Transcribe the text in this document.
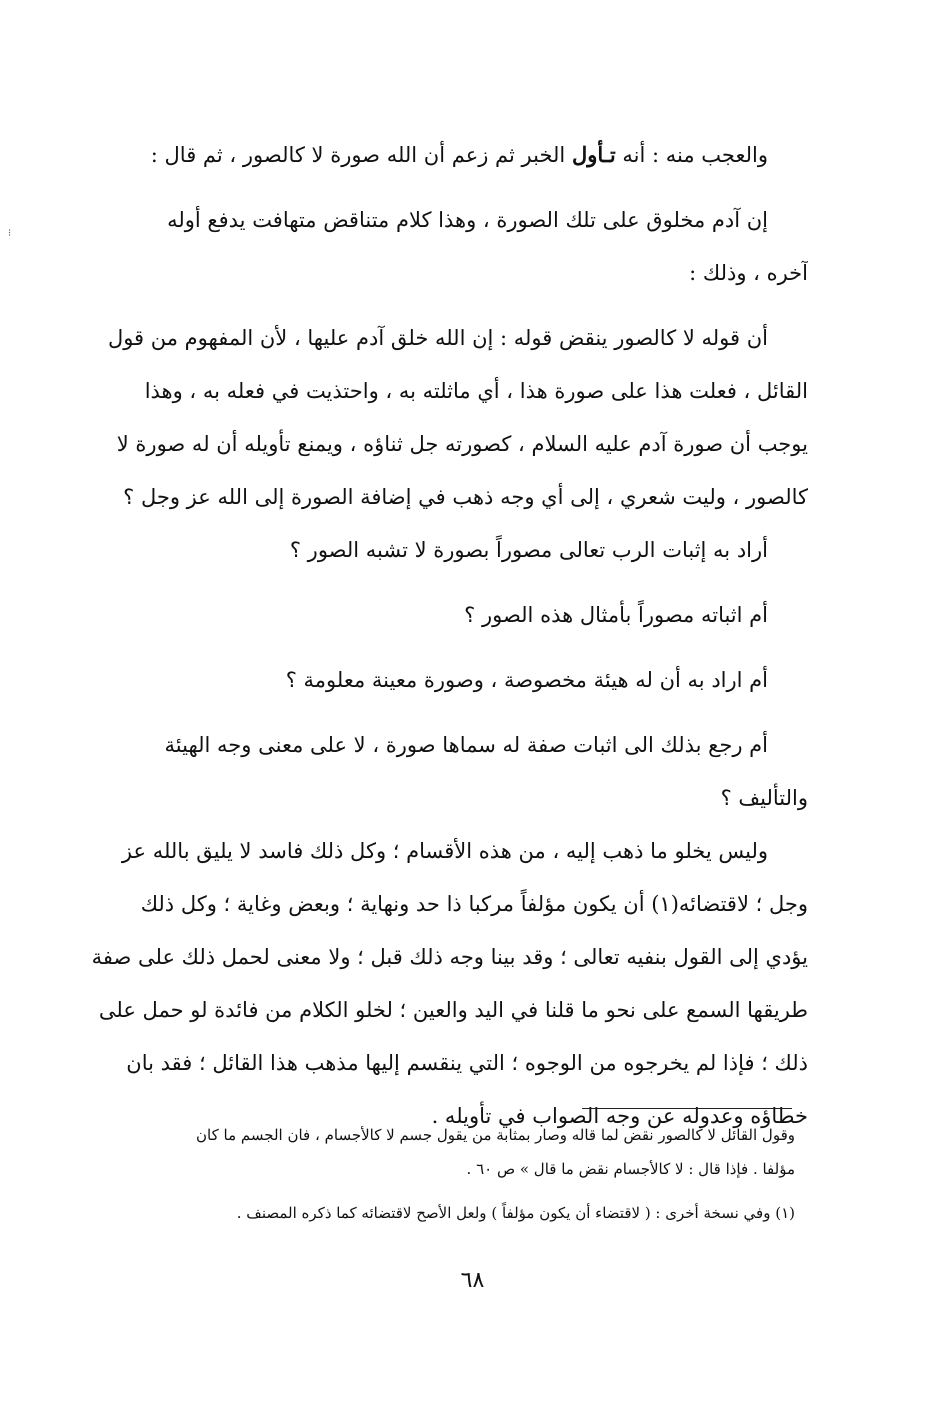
⁝
والعجب منه : أنه تـأول الخبر ثم زعم أن الله صورة لا كالصور ، ثم قال :
إن آدم مخلوق على تلك الصورة ، وهذا كلام متناقض متهافت يدفع أوله
آخره ، وذلك :
أن قوله لا كالصور ينقض قوله : إن الله خلق آدم عليها ، لأن المفهوم من قول
القائل ، فعلت هذا على صورة هذا ، أي ماثلته به ، واحتذيت في فعله به ، وهذا
يوجب أن صورة آدم عليه السلام ، كصورته جل ثناؤه ، ويمنع تأويله أن له صورة لا
كالصور ، وليت شعري ، إلى أي وجه ذهب في إضافة الصورة إلى الله عز وجل ؟
أراد به إثبات الرب تعالى مصوراً بصورة لا تشبه الصور ؟
أم اثباته مصوراً بأمثال هذه الصور ؟
أم اراد به أن له هيئة مخصوصة ، وصورة معينة معلومة ؟
أم رجع بذلك الى اثبات صفة له سماها صورة ، لا على معنى وجه الهيئة
والتأليف ؟
وليس يخلو ما ذهب إليه ، من هذه الأقسام ؛ وكل ذلك فاسد لا يليق بالله عز
وجل ؛ لاقتضائه(١) أن يكون مؤلفاً مركبا ذا حد ونهاية ؛ وبعض وغاية ؛ وكل ذلك
يؤدي إلى القول بنفيه تعالى ؛ وقد بينا وجه ذلك قبل ؛ ولا معنى لحمل ذلك على صفة
طريقها السمع على نحو ما قلنا في اليد والعين ؛ لخلو الكلام من فائدة لو حمل على
ذلك ؛ فإذا لم يخرجوه من الوجوه ؛ التي ينقسم إليها مذهب هذا القائل ؛ فقد بان
خطاؤه وعدوله عن وجه الصواب في تأويله .
وقول القائل لا كالصور نقض لما قاله وصار بمثابة من يقول جسم لا كالأجسام ، فان الجسم ما كان
مؤلفا . فإذا قال : لا كالأجسام نقض ما قال » ص ٦٠ .
(١) وفي نسخة أخرى : ( لاقتضاء أن يكون مؤلفاً ) ولعل الأصح لاقتضائه كما ذكره المصنف .
٦٨
